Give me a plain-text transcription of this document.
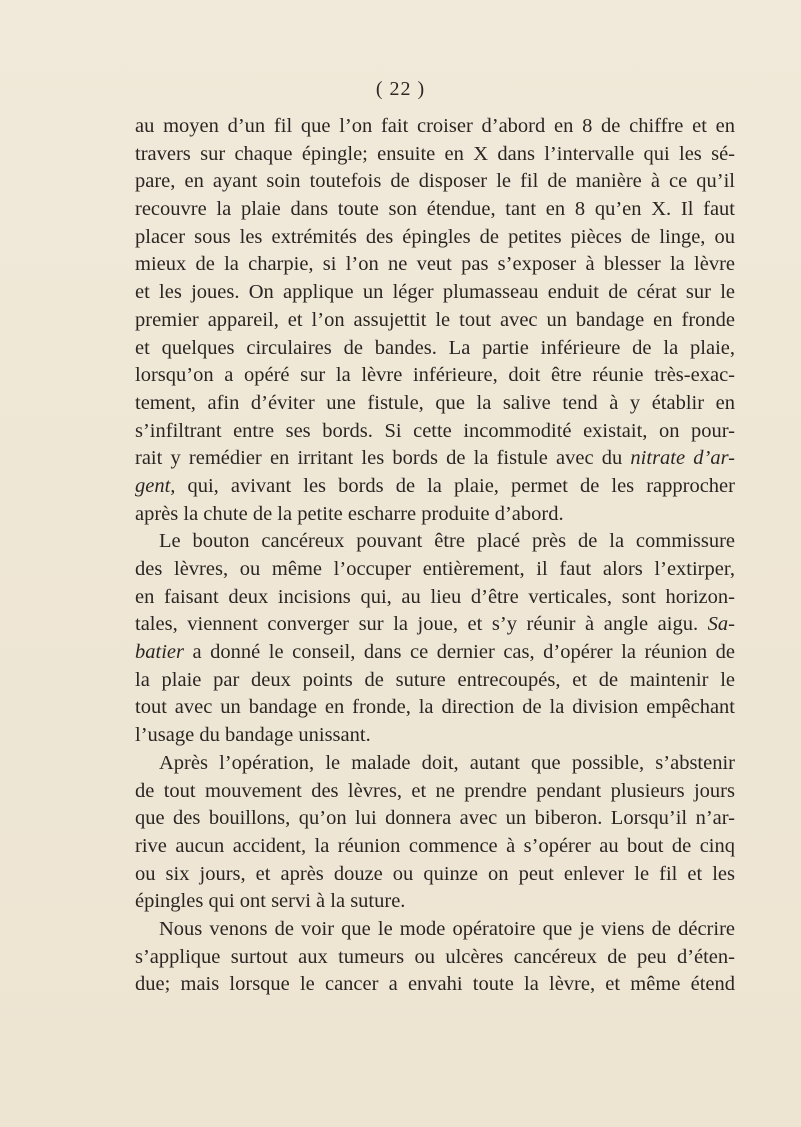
( 22 )
au moyen d’un fil que l’on fait croiser d’abord en 8 de chiffre et en
travers sur chaque épingle; ensuite en X dans l’intervalle qui les sé-
pare, en ayant soin toutefois de disposer le fil de manière à ce qu’il
recouvre la plaie dans toute son étendue, tant en 8 qu’en X. Il faut
placer sous les extrémités des épingles de petites pièces de linge, ou
mieux de la charpie, si l’on ne veut pas s’exposer à blesser la lèvre
et les joues. On applique un léger plumasseau enduit de cérat sur le
premier appareil, et l’on assujettit le tout avec un bandage en fronde
et quelques circulaires de bandes. La partie inférieure de la plaie,
lorsqu’on a opéré sur la lèvre inférieure, doit être réunie très-exac-
tement, afin d’éviter une fistule, que la salive tend à y établir en
s’infiltrant entre ses bords. Si cette incommodité existait, on pour-
rait y remédier en irritant les bords de la fistule avec du nitrate d’ar-
gent, qui, avivant les bords de la plaie, permet de les rapprocher
après la chute de la petite escharre produite d’abord.
Le bouton cancéreux pouvant être placé près de la commissure
des lèvres, ou même l’occuper entièrement, il faut alors l’extirper,
en faisant deux incisions qui, au lieu d’être verticales, sont horizon-
tales, viennent converger sur la joue, et s’y réunir à angle aigu. Sa-
batier a donné le conseil, dans ce dernier cas, d’opérer la réunion de
la plaie par deux points de suture entrecoupés, et de maintenir le
tout avec un bandage en fronde, la direction de la division empêchant
l’usage du bandage unissant.
Après l’opération, le malade doit, autant que possible, s’abstenir
de tout mouvement des lèvres, et ne prendre pendant plusieurs jours
que des bouillons, qu’on lui donnera avec un biberon. Lorsqu’il n’ar-
rive aucun accident, la réunion commence à s’opérer au bout de cinq
ou six jours, et après douze ou quinze on peut enlever le fil et les
épingles qui ont servi à la suture.
Nous venons de voir que le mode opératoire que je viens de décrire
s’applique surtout aux tumeurs ou ulcères cancéreux de peu d’éten-
due; mais lorsque le cancer a envahi toute la lèvre, et même étend
